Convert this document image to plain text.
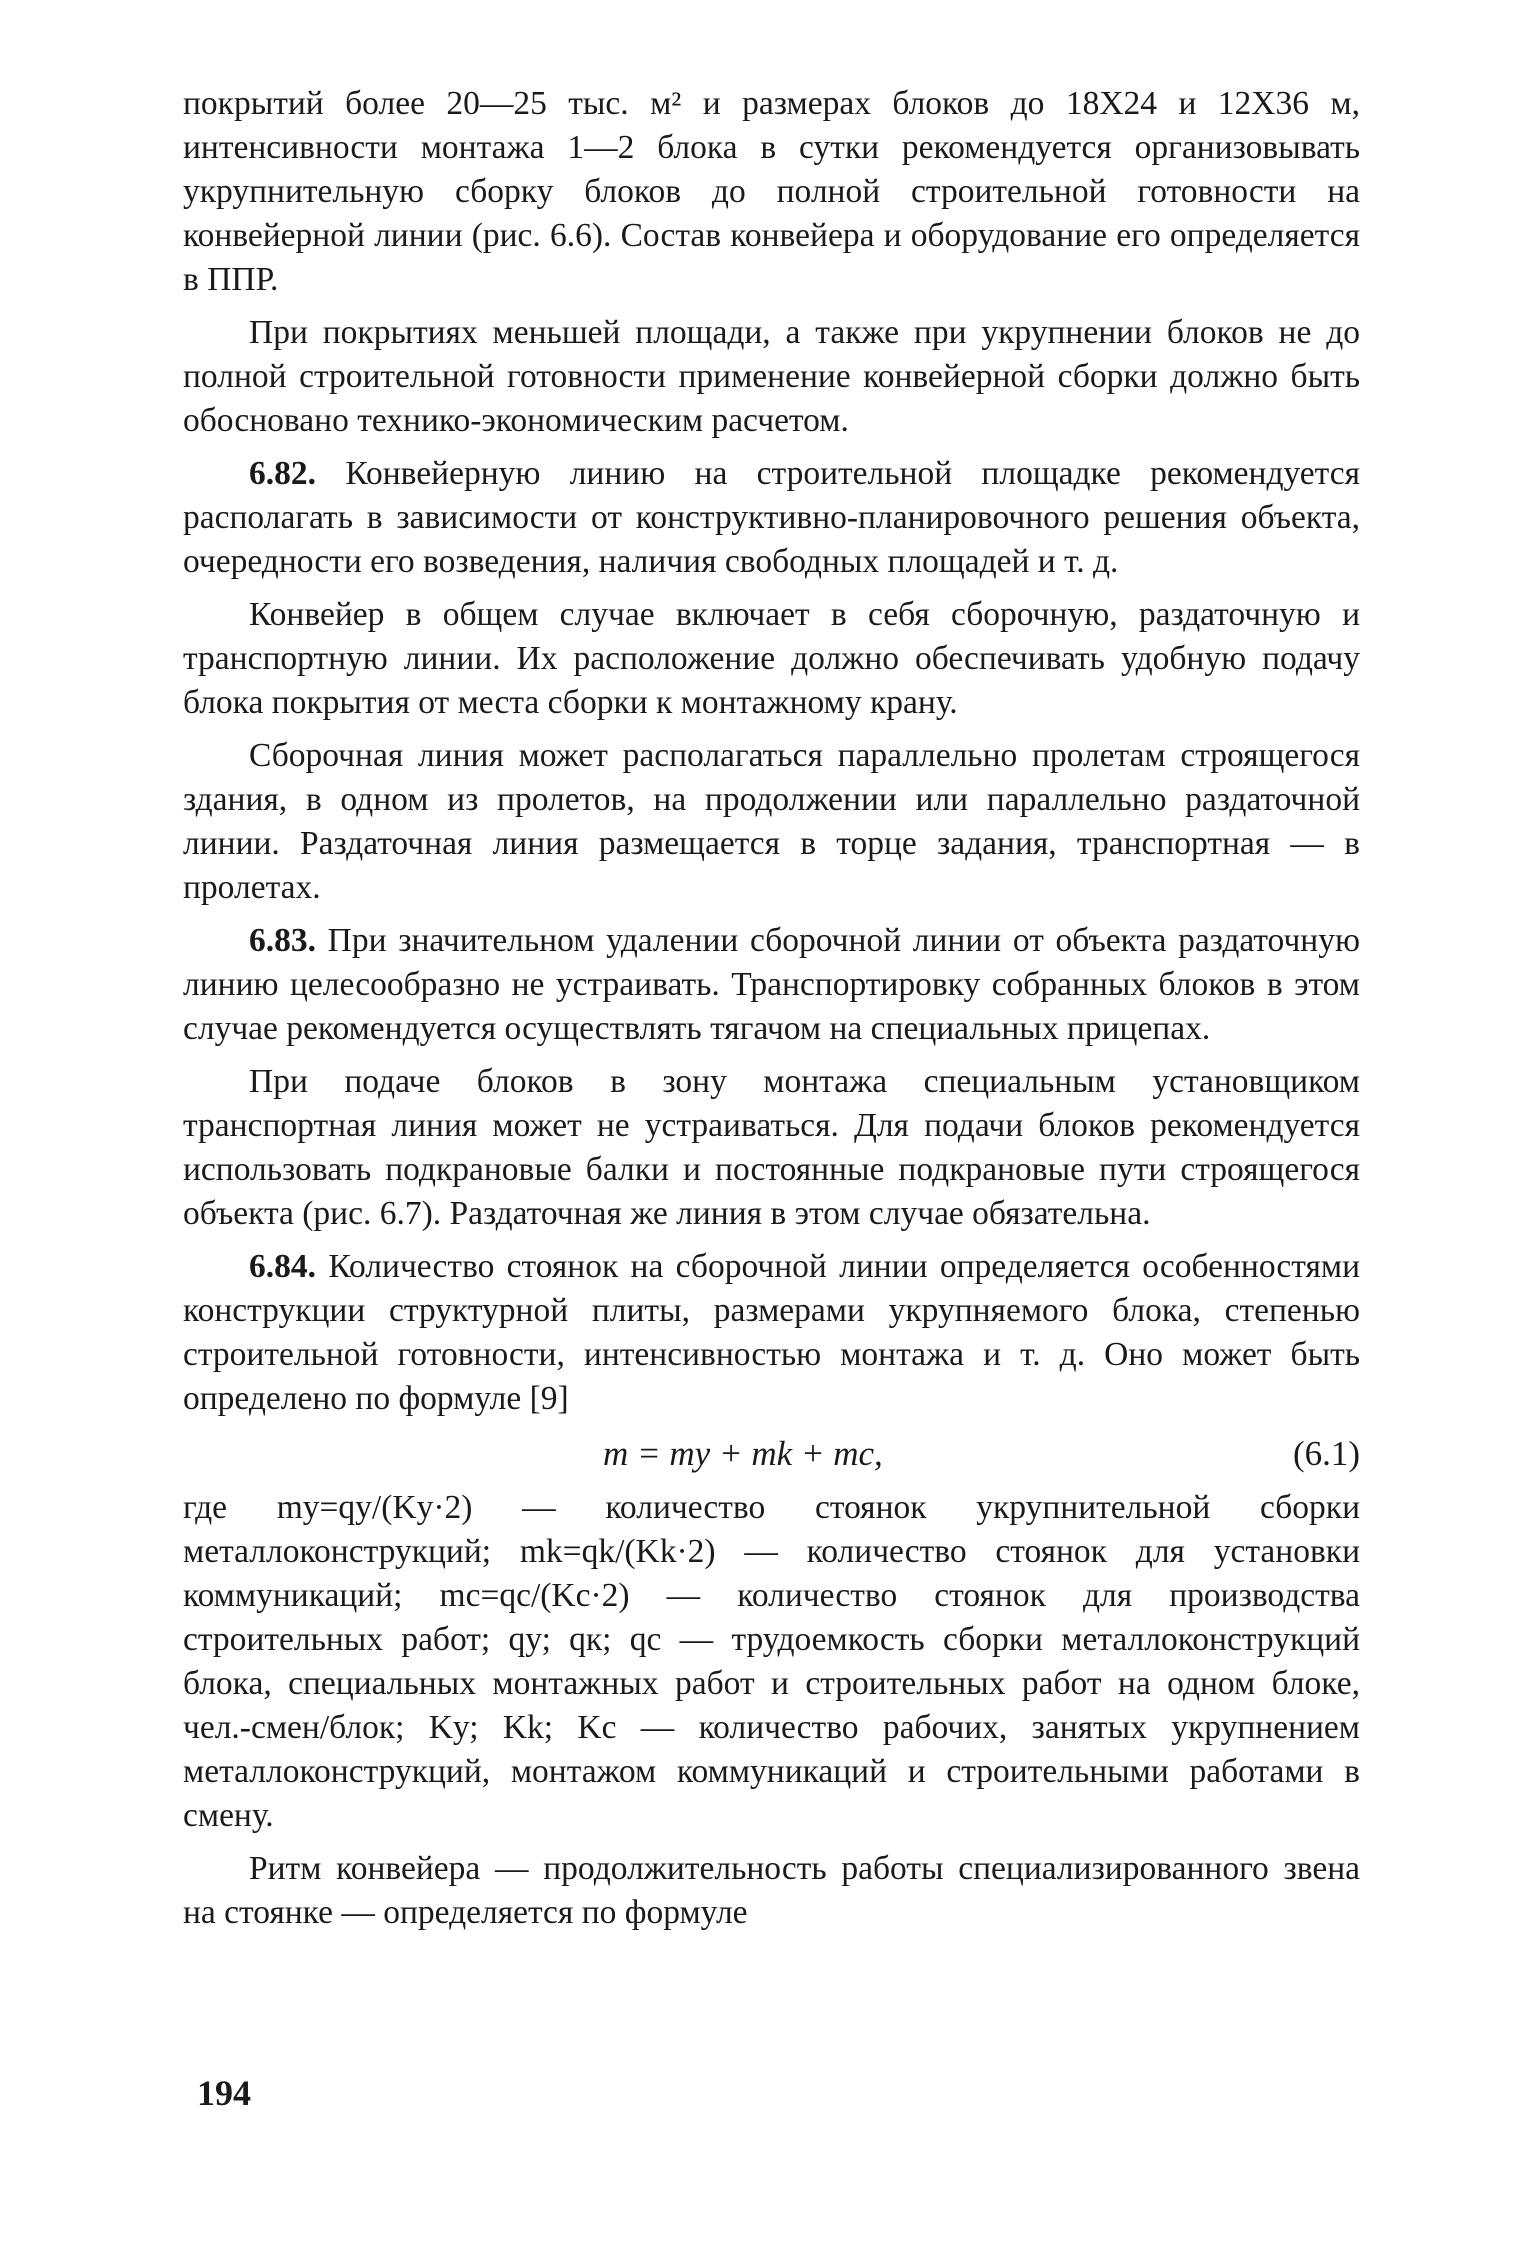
покрытий более 20—25 тыс. м² и размерах блоков до 18X24 и 12X36 м, интенсивности монтажа 1—2 блока в сутки рекомендуется организовывать укрупнительную сборку блоков до полной строительной готовности на конвейерной линии (рис. 6.6). Состав конвейера и оборудование его определяется в ППР.

При покрытиях меньшей площади, а также при укрупнении блоков не до полной строительной готовности применение конвейерной сборки должно быть обосновано технико-экономическим расчетом.

6.82. Конвейерную линию на строительной площадке рекомендуется располагать в зависимости от конструктивно-планировочного решения объекта, очередности его возведения, наличия свободных площадей и т. д.

Конвейер в общем случае включает в себя сборочную, раздаточную и транспортную линии. Их расположение должно обеспечивать удобную подачу блока покрытия от места сборки к монтажному крану.

Сборочная линия может располагаться параллельно пролетам строящегося здания, в одном из пролетов, на продолжении или параллельно раздаточной линии. Раздаточная линия размещается в торце задания, транспортная — в пролетах.

6.83. При значительном удалении сборочной линии от объекта раздаточную линию целесообразно не устраивать. Транспортировку собранных блоков в этом случае рекомендуется осуществлять тягачом на специальных прицепах.

При подаче блоков в зону монтажа специальным установщиком транспортная линия может не устраиваться. Для подачи блоков рекомендуется использовать подкрановые балки и постоянные подкрановые пути строящегося объекта (рис. 6.7). Раздаточная же линия в этом случае обязательна.

6.84. Количество стоянок на сборочной линии определяется особенностями конструкции структурной плиты, размерами укрупняемого блока, степенью строительной готовности, интенсивностью монтажа и т. д. Оно может быть определено по формуле [9]

m = mу + mk + mc,	(6.1)

где mу=qу/(Kу·2) — количество стоянок укрупнительной сборки металлоконструкций; mk=qk/(Kk·2) — количество стоянок для установки коммуникаций; mc=qc/(Kc·2) — количество стоянок для производства строительных работ; qу; qк; qc — трудоемкость сборки металлоконструкций блока, специальных монтажных работ и строительных работ на одном блоке, чел.-смен/блок; Kу; Kk; Kc — количество рабочих, занятых укрупнением металлоконструкций, монтажом коммуникаций и строительными работами в смену.

Ритм конвейера — продолжительность работы специализированного звена на стоянке — определяется по формуле

194
